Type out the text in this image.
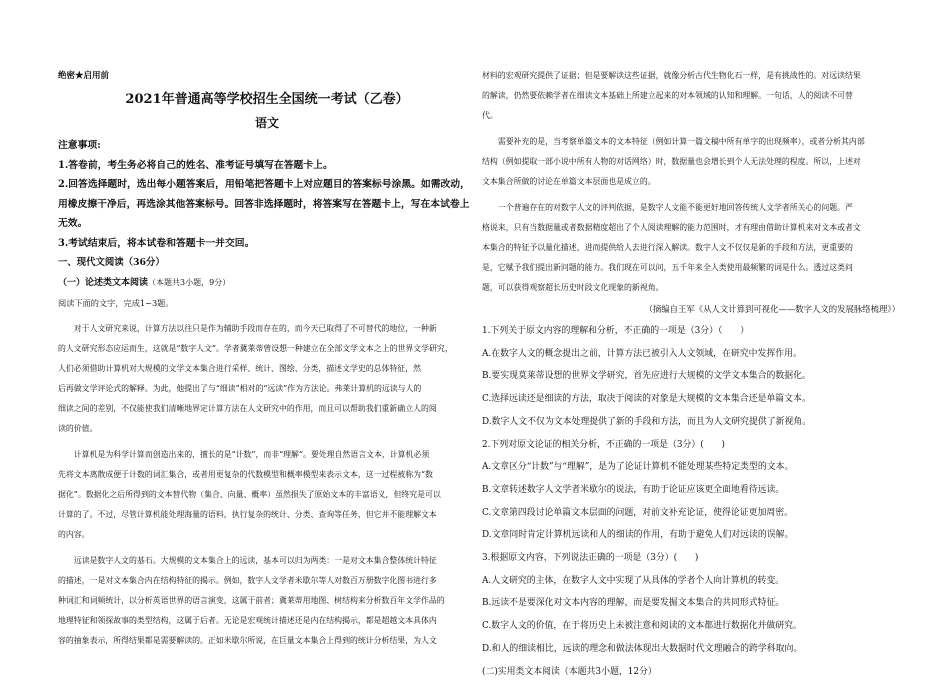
绝密★启用前
2021年普通高等学校招生全国统一考试（乙卷）
语文
注意事项:
1.答卷前，考生务必将自己的姓名、准考证号填写在答题卡上。
2.回答选择题时，选出每小题答案后，用铅笔把答题卡上对应题目的答案标号涂黑。如需改动，
用橡皮擦干净后，再选涂其他答案标号。回答非选择题时，将答案写在答题卡上，写在本试卷上
无效。
3.考试结束后，将本试卷和答题卡一并交回。
一、现代文阅读（36分）
（一）论述类文本阅读（本题共3小题，9分）
阅读下面的文字，完成1~3题。
对于人文研究来说，计算方法以往只是作为辅助手段而存在的，而今天已取得了不可替代的地位，一种新
的人文研究形态应运而生，这就是“数字人文”。学者冀莱蒂曾设想一种建立在全部文学文本之上的世界文学研究，
人们必须借助计算机对大规模的文学文本集合进行采样、统计、图绘、分类，描述文学史的总体特征，然
后再做文学评论式的解释。为此，他提出了与“细读”相对的“远读”作为方法论。弗莱计算机的远读与人的
细读之间的差别，不仅能使我们清晰地界定计算方法在人文研究中的作用，而且可以帮助我们重新确立人的阅
读的价值。
计算机是为科学计算而创造出来的，擅长的是“计数”，而非“理解”。要处理自然语言文本，计算机必须
先将文本离散成便于计数的词汇集合，或者用更复杂的代数模型和概率模型来表示文本，这一过程被称为“数
据化”。数据化之后所得到的文本替代物（集合、向量、概率）虽然损失了原始文本的丰富语义，但终究是可以
计算的了。不过，尽管计算机能处理海量的语料，执行复杂的统计、分类、查询等任务，但它并不能理解文本
的内容。
远读是数字人文的基石。大规模的文本集合上的远读，基本可以归为两类：一是对文本集合整体统计特征
的描述，一是对文本集合内在结构特征的揭示。例如，数字人文学者米歇尔等人对数百万册数字化图书进行多
种词汇和词频统计，以分析英语世界的语言演变，这属于前者；冀莱蒂用地图、树结构来分析数百年文学作品的
地理特征和领探故事的类型结构，这属于后者。无论是宏观统计描述还是内在结构揭示，都是超越文本具体内
容的抽象表示，所得结果都是需要解读的。正如米歇尔所说，在巨量文本集合上得到的统计分析结果，为人文
材料的宏观研究提供了证据；但是要解读这些证据，就像分析古代生物化石一样，是有挑战性的。对远读结果
的解读，仍然要依赖学者在细读文本基础上所建立起来的对本领域的认知和理解。一句话，人的阅读不可替
代。
需要补充的是，当考察单篇文本的文本特征（例如计算一篇文稿中所有单字的出现频率），或者分析其内部
结构（例如提取一部小说中所有人物的对话网络）时，数据量也会增长到个人无法处理的程度。所以，上述对
文本集合所做的讨论在单篇文本层面也是成立的。
一个普遍存在的对数字人文的评判依据，是数字人文能不能更好地回答传统人文学者所关心的问题。严
格说来，只有当数据量或者数据精度超出了个人阅读理解的能力范围时，才有理由借助计算机来对文本或者文
本集合的特征予以量化描述，进而提供给人去进行深入解读。数字人文不仅仅是新的手段和方法，更重要的
是，它赋予我们提出新问题的能力。我们现在可以问，五千年来全人类使用最频繁的词是什么。透过这类问
题，可以获得观察超长历史时段文化现象的新视角。
（摘编自王军《从人文计算到可视化——数字人文的发展脉络梳理》）
1.下列关于原文内容的理解和分析，不正确的一项是（3分）（　　）
A.在数字人文的概念提出之前，计算方法已被引入人文领域，在研究中发挥作用。
B.要实现莫莱蒂设想的世界文学研究，首先应进行大规模的文学文本集合的数据化。
C.选择远读还是细读的方法，取决于阅读的对象是大规模的文本集合还是单篇文本。
D.数字人文不仅为文本处理提供了新的手段和方法，而且为人文研究提供了新视角。
2.下列对原文论证的相关分析，不正确的一项是（3分）(　　)
A.文章区分“计数”与“理解”，是为了论证计算机不能处理某些特定类型的文本。
B.文章转述数字人文学者米歇尔的说法，有助于论证应该更全面地看待远读。
C.文章第四段讨论单篇文本层面的问题，对前文补充论证，使得论证更加周密。
D.文章同时肯定计算机远读和人的细读的作用，有助于避免人们对远读的误解。
3.根据原文内容，下列说法正确的一项是（3分）(　　)
A.人文研究的主体，在数字人文中实现了从具体的学者个人向计算机的转变。
B.远读不是要深化对文本内容的理解，而是要发掘文本集合的共同形式特征。
C.数字人文的价值，在于将历史上未被注意和阅读的文本都进行数据化并做研究。
D.和人的细读相比，远读的理念和做法体现出大数据时代文理融合的跨学科取向。
(二)实用类文本阅读（本题共3小题，12分）
